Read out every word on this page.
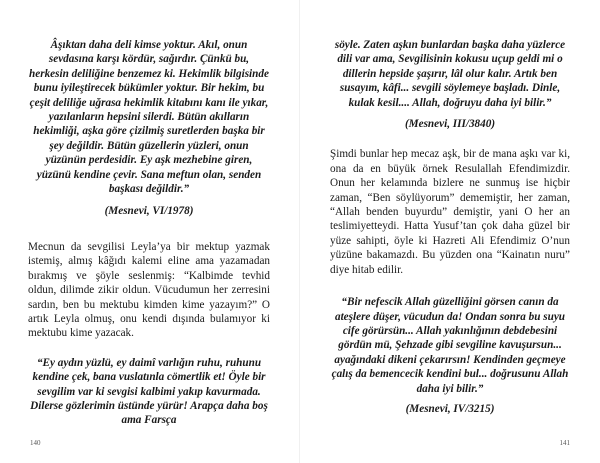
Âşıktan daha deli kimse yoktur. Akıl, onun sevdasına karşı kördür, sağırdır. Çünkü bu, herkesin deliliğine benzemez ki. Hekimlik bilgisinde bunu iyileştirecek bükümler yoktur. Bir hekim, bu çeşit deliliğe uğrasa hekimlik kitabını kanı ile yıkar, yazılanların hepsini silerdi. Bütün akılların hekimliği, aşka göre çizilmiş suretlerden başka bir şey değildir. Bütün güzellerin yüzleri, onun yüzünün perdesidir. Ey aşk mezhebine giren, yüzünü kendine çevir. Sana meftun olan, senden başkası değildir.”

(Mesnevi, VI/1978)

Mecnun da sevgilisi Leyla’ya bir mektup yazmak istemiş, almış kâğıdı kalemi eline ama yazamadan bırakmış ve şöyle seslenmiş: “Kalbimde tevhid oldun, dilimde zikir oldun. Vücudumun her zerresini sardın, ben bu mektubu kimden kime yazayım?” O artık Leyla olmuş, onu kendi dışında bulamıyor ki mektubu kime yazacak.

“Ey aydın yüzlü, ey daimî varlığın ruhu, ruhunu kendine çek, bana vuslatınla cömertlik et! Öyle bir sevgilim var ki sevgisi kalbimi yakıp kavurmada. Dilerse gözlerimin üstünde yürür! Arapça daha boş ama Farsça

140

söyle. Zaten aşkın bunlardan başka daha yüzlerce dili var ama, Sevgilisinin kokusu uçup geldi mi o dillerin hepside şaşırır, lâl olur kalır. Artık ben susayım, kâfi... sevgili söylemeye başladı. Dinle, kulak kesil.... Allah, doğruyu daha iyi bilir.”

(Mesnevi, III/3840)

Şimdi bunlar hep mecaz aşk, bir de mana aşkı var ki, ona da en büyük örnek Resulallah Efendimizdir. Onun her kelamında bizlere ne sunmuş ise hiçbir zaman, “Ben söylüyorum” dememiştir, her zaman, “Allah benden buyurdu” demiştir, yani O her an teslimiyetteydi. Hatta Yusuf’tan çok daha güzel bir yüze sahipti, öyle ki Hazreti Ali Efendimiz O’nun yüzüne bakamazdı. Bu yüzden ona “Kainatın nuru” diye hitab edilir.

“Bir nefescik Allah güzelliğini görsen canın da ateşlere düşer, vücudun da! Ondan sonra bu suyu cife görürsün... Allah yakınlığının debdebesini gördün mü, Şehzade gibi sevgiline kavuşursun... ayağındaki dikeni çekarırsın! Kendinden geçmeye çalış da bemencecik kendini bul... doğrusunu Allah daha iyi bilir.”

(Mesnevi, IV/3215)

141
